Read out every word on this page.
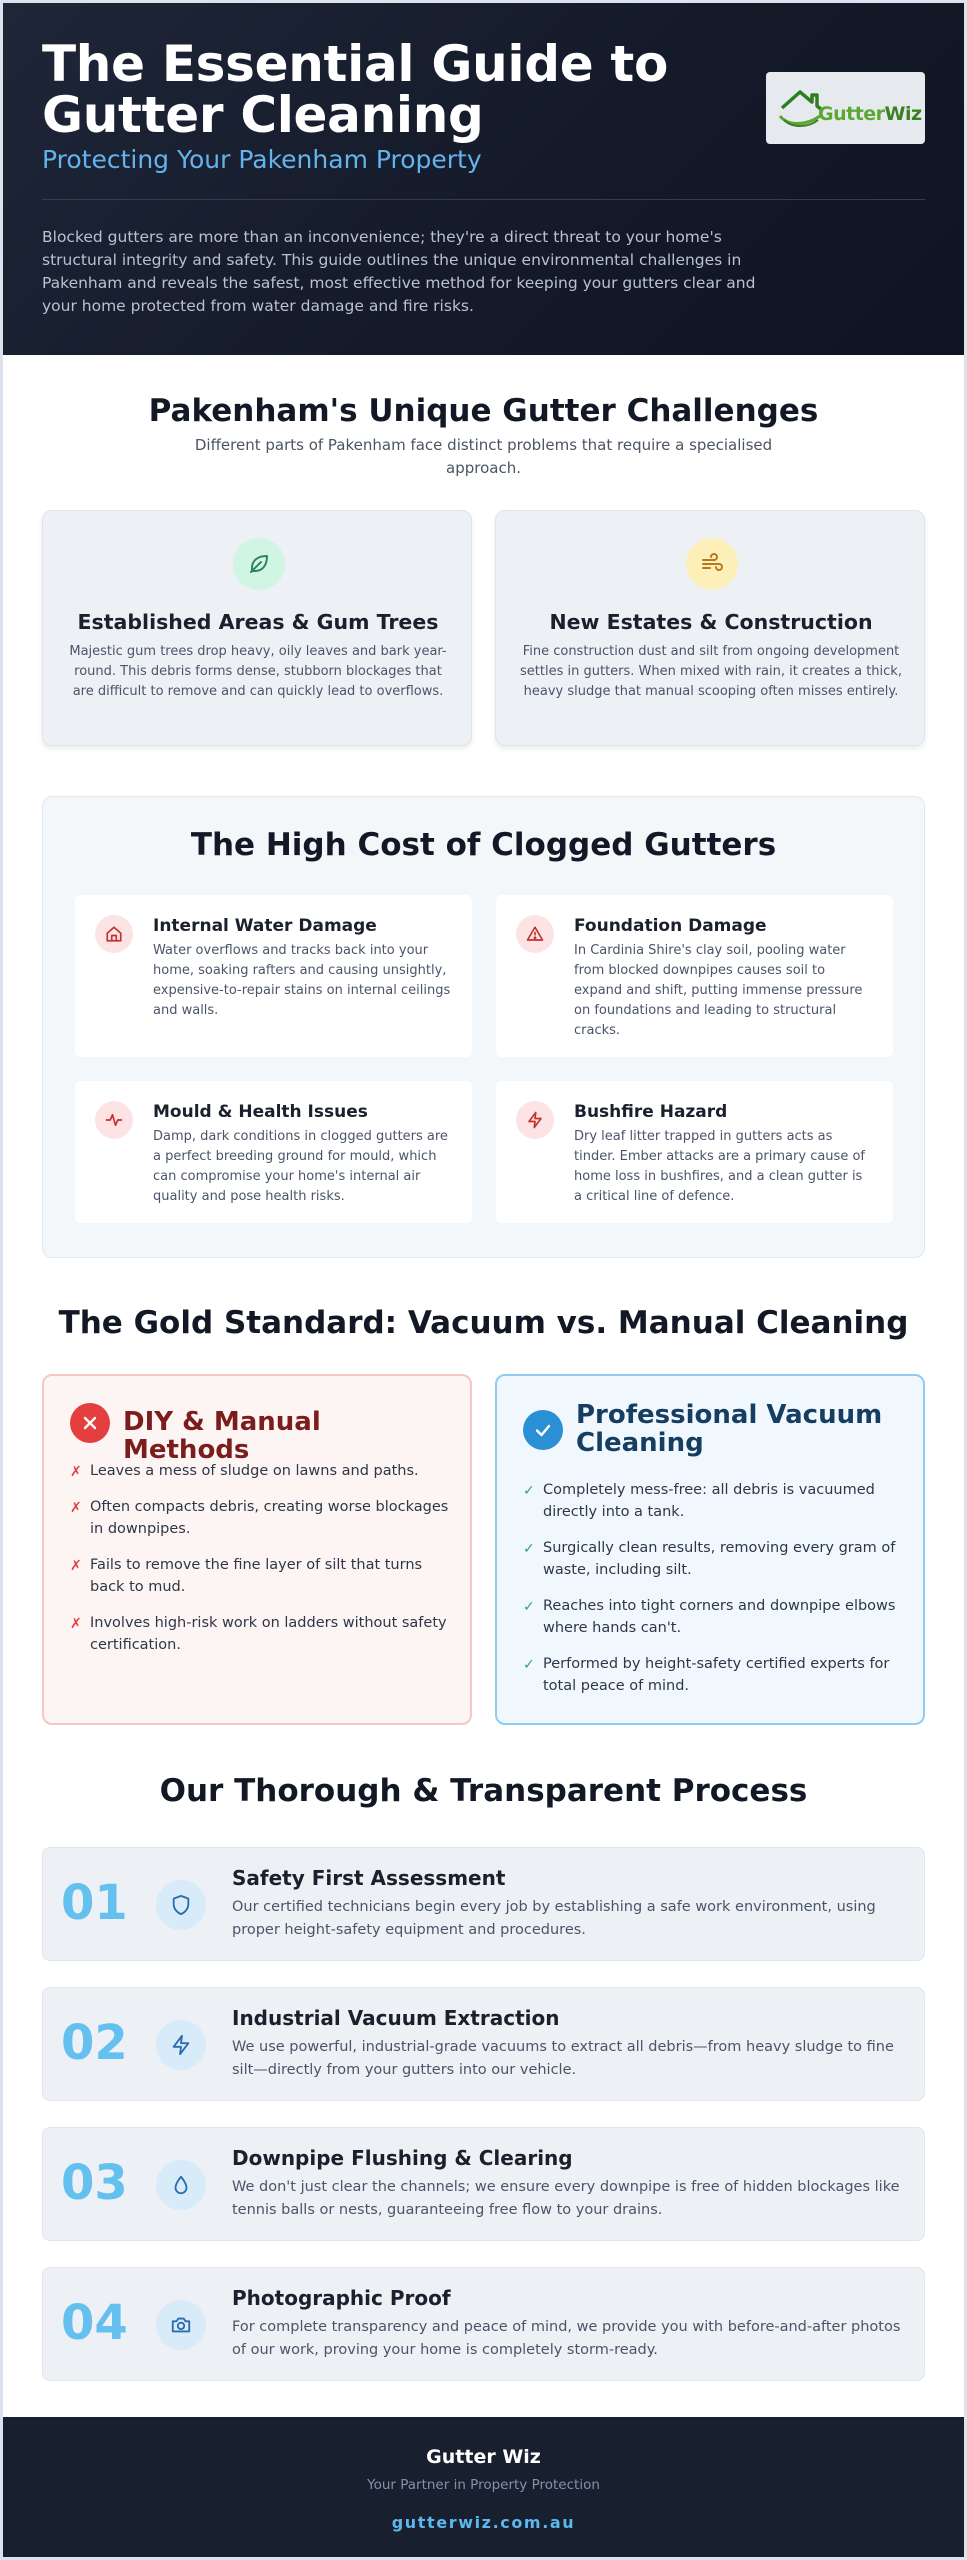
The Essential Guide to Gutter Cleaning
Protecting Your Pakenham Property
GutterWiz

Blocked gutters are more than an inconvenience; they're a direct threat to your home's structural integrity and safety. This guide outlines the unique environmental challenges in Pakenham and reveals the safest, most effective method for keeping your gutters clear and your home protected from water damage and fire risks.

Pakenham's Unique Gutter Challenges

Different parts of Pakenham face distinct problems that require a specialised approach.

Established Areas & Gum Trees

Majestic gum trees drop heavy, oily leaves and bark year-round. This debris forms dense, stubborn blockages that are difficult to remove and can quickly lead to overflows.

New Estates & Construction

Fine construction dust and silt from ongoing development settles in gutters. When mixed with rain, it creates a thick, heavy sludge that manual scooping often misses entirely.

The High Cost of Clogged Gutters
Internal Water Damage

Water overflows and tracks back into your home, soaking rafters and causing unsightly, expensive-to-repair stains on internal ceilings and walls.

Foundation Damage

In Cardinia Shire's clay soil, pooling water from blocked downpipes causes soil to expand and shift, putting immense pressure on foundations and leading to structural cracks.

Mould & Health Issues

Damp, dark conditions in clogged gutters are a perfect breeding ground for mould, which can compromise your home's internal air quality and pose health risks.

Bushfire Hazard

Dry leaf litter trapped in gutters acts as tinder. Ember attacks are a primary cause of home loss in bushfires, and a clean gutter is a critical line of defence.

The Gold Standard: Vacuum vs. Manual Cleaning
DIY & Manual Methods
✗ Leaves a mess of sludge on lawns and paths.
✗ Often compacts debris, creating worse blockages in downpipes.
✗ Fails to remove the fine layer of silt that turns back to mud.
✗ Involves high-risk work on ladders without safety certification.
Professional Vacuum Cleaning
✓ Completely mess-free: all debris is vacuumed directly into a tank.
✓ Surgically clean results, removing every gram of waste, including silt.
✓ Reaches into tight corners and downpipe elbows where hands can't.
✓ Performed by height-safety certified experts for total peace of mind.
Our Thorough & Transparent Process
01	Safety First Assessment

Our certified technicians begin every job by establishing a safe work environment, using proper height-safety equipment and procedures.

02	Industrial Vacuum Extraction

We use powerful, industrial-grade vacuums to extract all debris—from heavy sludge to fine silt—directly from your gutters into our vehicle.

03	Downpipe Flushing & Clearing

We don't just clear the channels; we ensure every downpipe is free of hidden blockages like tennis balls or nests, guaranteeing free flow to your drains.

04	Photographic Proof

For complete transparency and peace of mind, we provide you with before-and-after photos of our work, proving your home is completely storm-ready.

Gutter Wiz
Your Partner in Property Protection
gutterwiz.com.au
